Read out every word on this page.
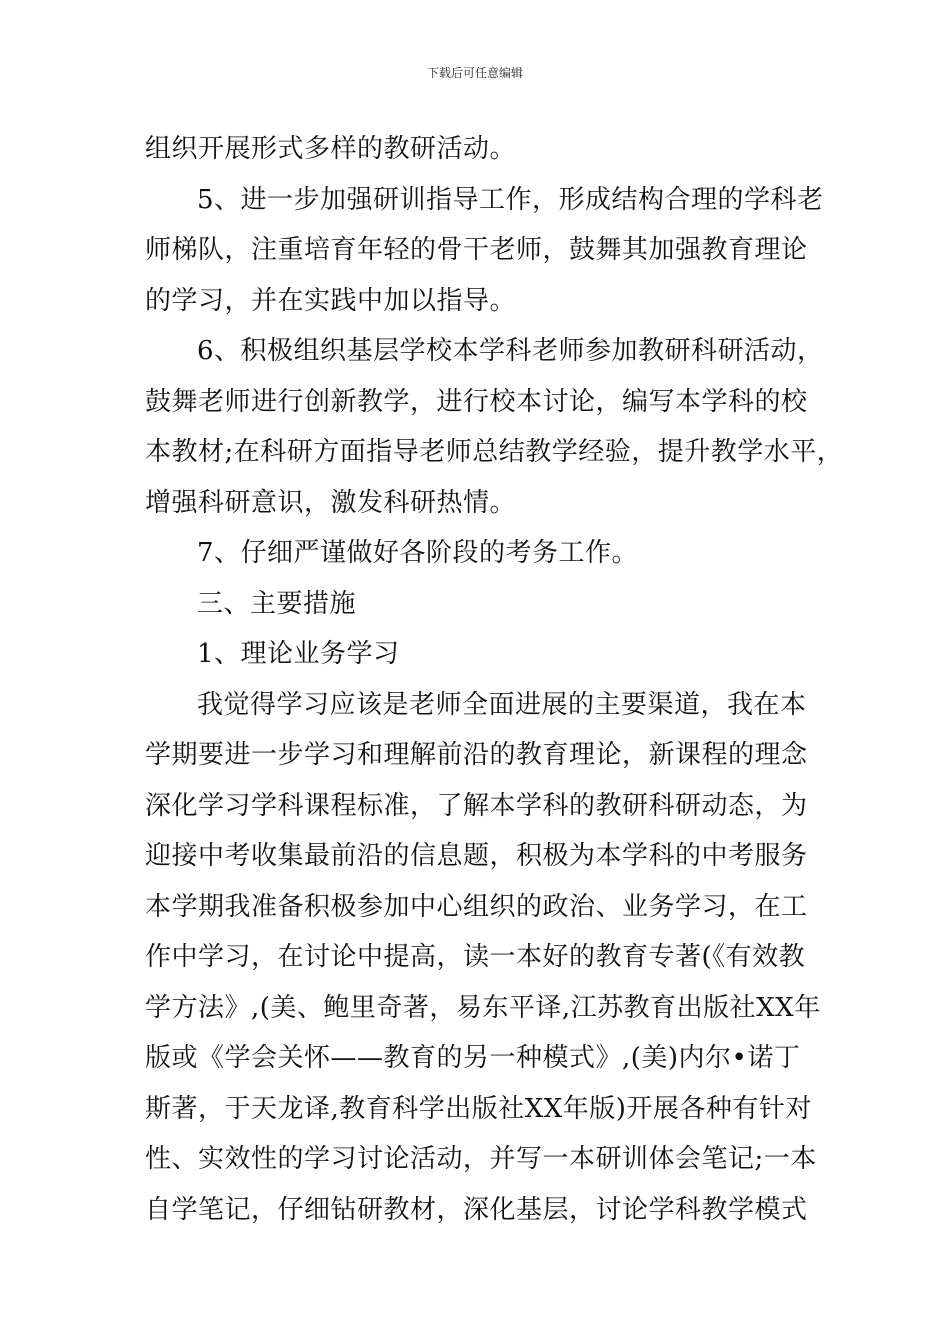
下载后可任意编辑
组织开展形式多样的教研活动。
5、进一步加强研训指导工作，形成结构合理的学科老
师梯队，注重培育年轻的骨干老师，鼓舞其加强教育理论
的学习，并在实践中加以指导。
6、积极组织基层学校本学科老师参加教研科研活动，
鼓舞老师进行创新教学，进行校本讨论，编写本学科的校
本教材;在科研方面指导老师总结教学经验，提升教学水平，
增强科研意识，激发科研热情。
7、仔细严谨做好各阶段的考务工作。
三、主要措施
1、理论业务学习
我觉得学习应该是老师全面进展的主要渠道，我在本
学期要进一步学习和理解前沿的教育理论，新课程的理念
深化学习学科课程标准，了解本学科的教研科研动态，为
迎接中考收集最前沿的信息题，积极为本学科的中考服务
本学期我准备积极参加中心组织的政治、业务学习，在工
作中学习，在讨论中提高，读一本好的教育专著(《有效教
学方法》,(美、鲍里奇著，易东平译,江苏教育出版社XX年
版或《学会关怀——教育的另一种模式》,(美)内尔•诺丁
斯著，于天龙译,教育科学出版社XX年版)开展各种有针对
性、实效性的学习讨论活动，并写一本研训体会笔记;一本
自学笔记，仔细钻研教材，深化基层，讨论学科教学模式
